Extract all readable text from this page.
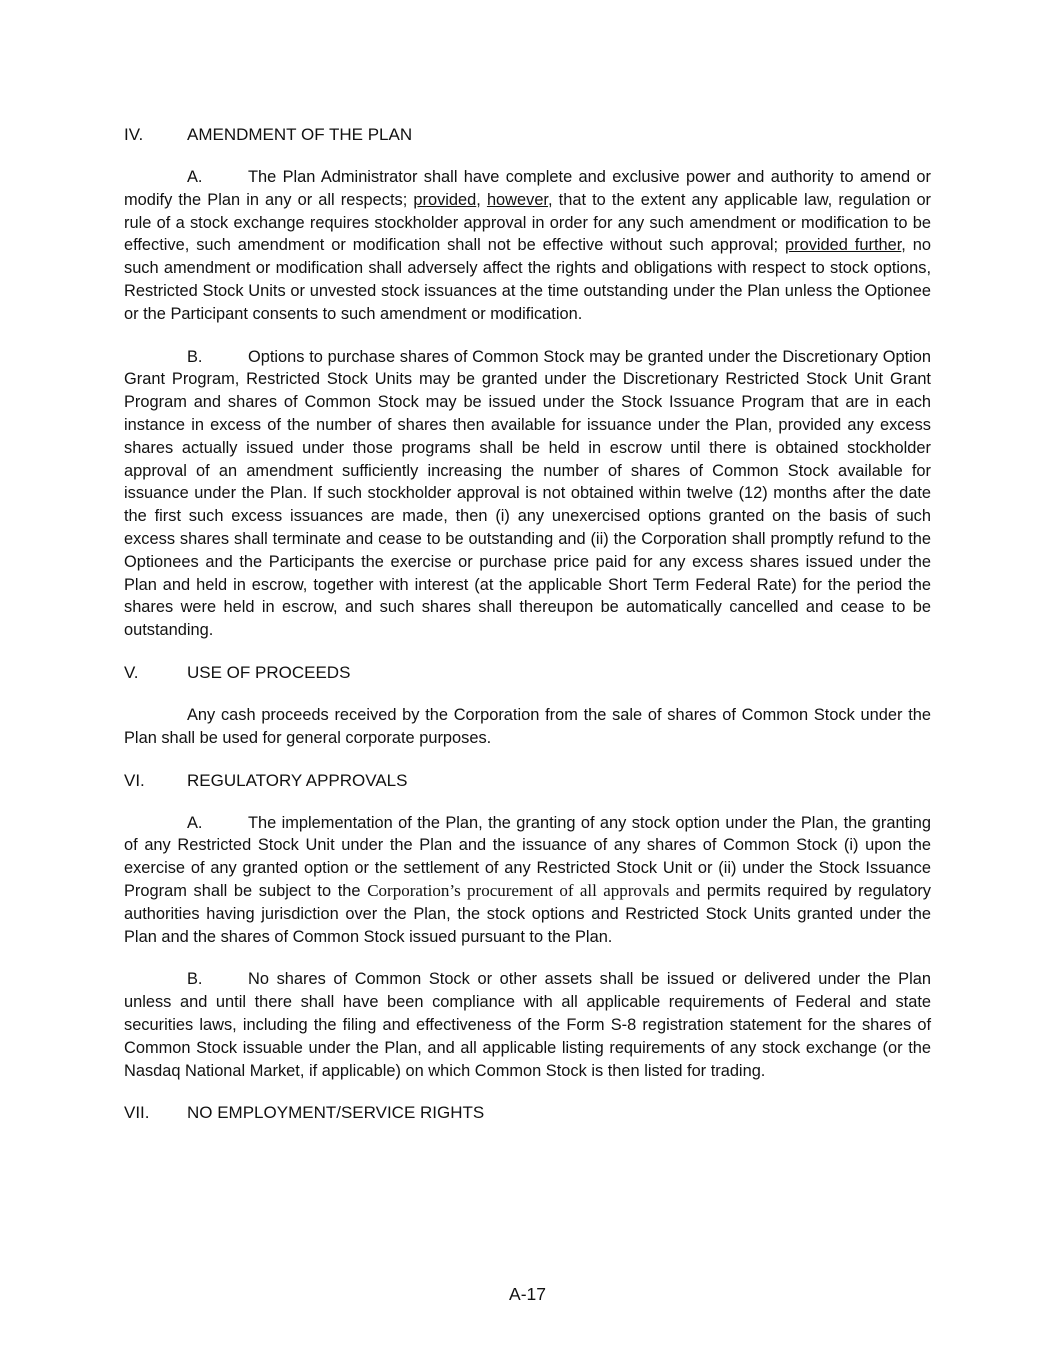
IV.	AMENDMENT OF THE PLAN

A.	The Plan Administrator shall have complete and exclusive power and authority to amend or modify the Plan in any or all respects; provided, however, that to the extent any applicable law, regulation or rule of a stock exchange requires stockholder approval in order for any such amendment or modification to be effective, such amendment or modification shall not be effective without such approval; provided further, no such amendment or modification shall adversely affect the rights and obligations with respect to stock options, Restricted Stock Units or unvested stock issuances at the time outstanding under the Plan unless the Optionee or the Participant consents to such amendment or modification.

B.	Options to purchase shares of Common Stock may be granted under the Discretionary Option Grant Program, Restricted Stock Units may be granted under the Discretionary Restricted Stock Unit Grant Program and shares of Common Stock may be issued under the Stock Issuance Program that are in each instance in excess of the number of shares then available for issuance under the Plan, provided any excess shares actually issued under those programs shall be held in escrow until there is obtained stockholder approval of an amendment sufficiently increasing the number of shares of Common Stock available for issuance under the Plan. If such stockholder approval is not obtained within twelve (12) months after the date the first such excess issuances are made, then (i) any unexercised options granted on the basis of such excess shares shall terminate and cease to be outstanding and (ii) the Corporation shall promptly refund to the Optionees and the Participants the exercise or purchase price paid for any excess shares issued under the Plan and held in escrow, together with interest (at the applicable Short Term Federal Rate) for the period the shares were held in escrow, and such shares shall thereupon be automatically cancelled and cease to be outstanding.

V.	USE OF PROCEEDS

Any cash proceeds received by the Corporation from the sale of shares of Common Stock under the Plan shall be used for general corporate purposes.

VI.	REGULATORY APPROVALS

A.	The implementation of the Plan, the granting of any stock option under the Plan, the granting of any Restricted Stock Unit under the Plan and the issuance of any shares of Common Stock (i) upon the exercise of any granted option or the settlement of any Restricted Stock Unit or (ii) under the Stock Issuance Program shall be subject to the Corporation’s procurement of all approvals and permits required by regulatory authorities having jurisdiction over the Plan, the stock options and Restricted Stock Units granted under the Plan and the shares of Common Stock issued pursuant to the Plan.

B.	No shares of Common Stock or other assets shall be issued or delivered under the Plan unless and until there shall have been compliance with all applicable requirements of Federal and state securities laws, including the filing and effectiveness of the Form S-8 registration statement for the shares of Common Stock issuable under the Plan, and all applicable listing requirements of any stock exchange (or the Nasdaq National Market, if applicable) on which Common Stock is then listed for trading.

VII.	NO EMPLOYMENT/SERVICE RIGHTS
A-17
